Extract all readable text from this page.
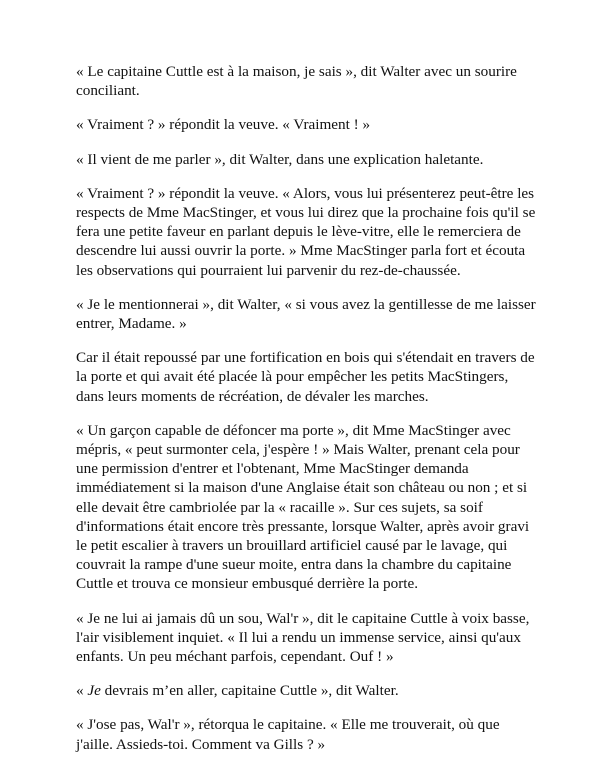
« Le capitaine Cuttle est à la maison, je sais », dit Walter avec un sourire conciliant.

« Vraiment ? » répondit la veuve. « Vraiment ! »

« Il vient de me parler », dit Walter, dans une explication haletante.

« Vraiment ? » répondit la veuve. « Alors, vous lui présenterez peut-être les respects de Mme MacStinger, et vous lui direz que la prochaine fois qu'il se fera une petite faveur en parlant depuis le lève-vitre, elle le remerciera de descendre lui aussi ouvrir la porte. » Mme MacStinger parla fort et écouta les observations qui pourraient lui parvenir du rez-de-chaussée.

« Je le mentionnerai », dit Walter, « si vous avez la gentillesse de me laisser entrer, Madame. »

Car il était repoussé par une fortification en bois qui s'étendait en travers de la porte et qui avait été placée là pour empêcher les petits MacStingers, dans leurs moments de récréation, de dévaler les marches.

« Un garçon capable de défoncer ma porte », dit Mme MacStinger avec mépris, « peut surmonter cela, j'espère ! » Mais Walter, prenant cela pour une permission d'entrer et l'obtenant, Mme MacStinger demanda immédiatement si la maison d'une Anglaise était son château ou non ; et si elle devait être cambriolée par la « racaille ». Sur ces sujets, sa soif d'informations était encore très pressante, lorsque Walter, après avoir gravi le petit escalier à travers un brouillard artificiel causé par le lavage, qui couvrait la rampe d'une sueur moite, entra dans la chambre du capitaine Cuttle et trouva ce monsieur embusqué derrière la porte.

« Je ne lui ai jamais dû un sou, Wal'r », dit le capitaine Cuttle à voix basse, l'air visiblement inquiet. « Il lui a rendu un immense service, ainsi qu'aux enfants. Un peu méchant parfois, cependant. Ouf ! »

« Je devrais m’en aller, capitaine Cuttle », dit Walter.

« J'ose pas, Wal'r », rétorqua le capitaine. « Elle me trouverait, où que j'aille. Assieds-toi. Comment va Gills ? »
